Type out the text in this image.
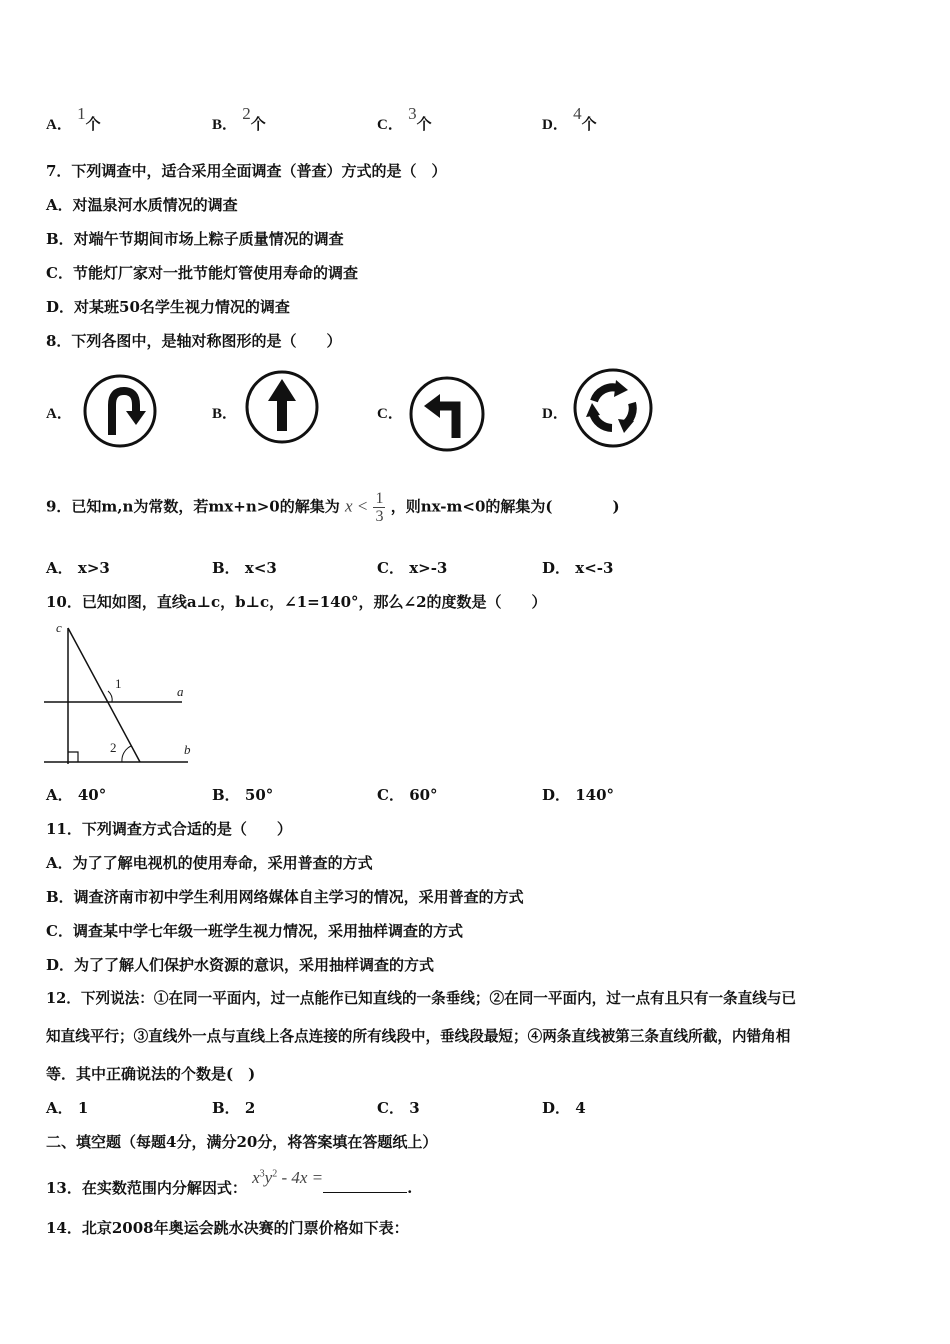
A． 1个	B． 2个	C． 3个	D． 4个
7．下列调查中，适合采用全面调查（普查）方式的是（　）
A．对温泉河水质情况的调查
B．对端午节期间市场上粽子质量情况的调查
C．节能灯厂家对一批节能灯管使用寿命的调查
D．对某班50名学生视力情况的调查
8．下列各图中，是轴对称图形的是（　　）
A．	B．	C．	D．
9．已知m,n为常数，若mx+n>0的解集为 $x < \frac{1}{3}$ ，则nx-m<0的解集为(　　　　)
A． x>3	B． x<3	C． x>-3	D． x<-3
10．已知如图，直线a⊥c，b⊥c，∠1=140°，那么∠2的度数是（　　）
c
a
b
1
2
A． 40°	B． 50°	C． 60°	D． 140°
11．下列调查方式合适的是（　　）
A．为了了解电视机的使用寿命，采用普查的方式
B．调查济南市初中学生利用网络媒体自主学习的情况，采用普查的方式
C．调查某中学七年级一班学生视力情况，采用抽样调查的方式
D．为了了解人们保护水资源的意识，采用抽样调查的方式
12．下列说法：①在同一平面内，过一点能作已知直线的一条垂线；②在同一平面内，过一点有且只有一条直线与已
知直线平行；③直线外一点与直线上各点连接的所有线段中，垂线段最短；④两条直线被第三条直线所截，内错角相
等．其中正确说法的个数是(　)
A． 1	B． 2	C． 3	D． 4
二、填空题（每题4分，满分20分，将答案填在答题纸上）
13．在实数范围内分解因式： $x^3y^2 - 4x$ =.
14．北京2008年奥运会跳水决赛的门票价格如下表：
